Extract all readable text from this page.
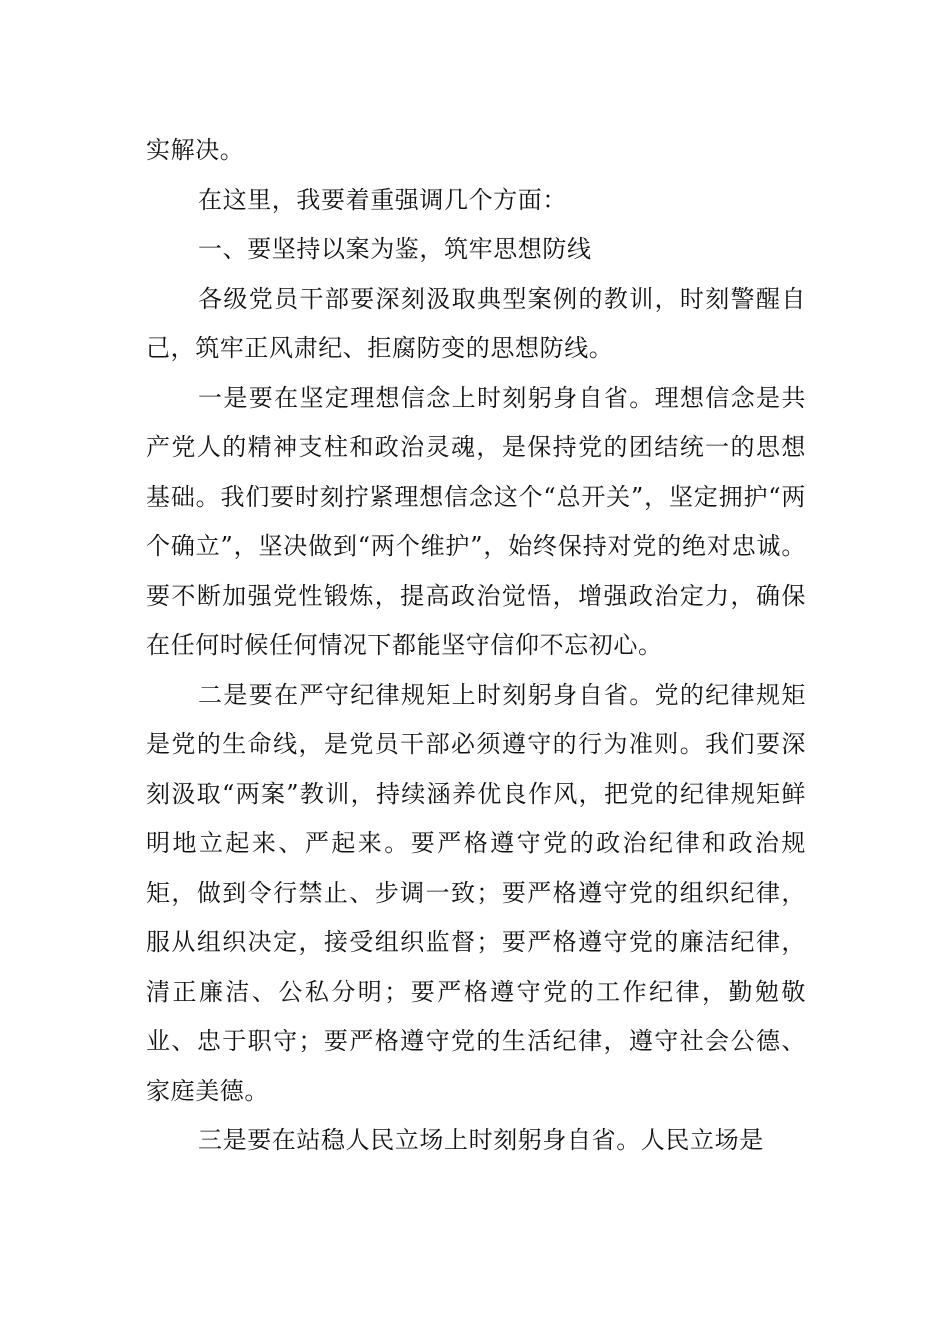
实解决。

在这里，我要着重强调几个方面：

一、要坚持以案为鉴，筑牢思想防线

各级党员干部要深刻汲取典型案例的教训，时刻警醒自己，筑牢正风肃纪、拒腐防变的思想防线。

一是要在坚定理想信念上时刻躬身自省。理想信念是共产党人的精神支柱和政治灵魂，是保持党的团结统一的思想基础。我们要时刻拧紧理想信念这个“总开关”，坚定拥护“两个确立”，坚决做到“两个维护”，始终保持对党的绝对忠诚。要不断加强党性锻炼，提高政治觉悟，增强政治定力，确保在任何时候任何情况下都能坚守信仰不忘初心。

二是要在严守纪律规矩上时刻躬身自省。党的纪律规矩是党的生命线，是党员干部必须遵守的行为准则。我们要深刻汲取“两案”教训，持续涵养优良作风，把党的纪律规矩鲜明地立起来、严起来。要严格遵守党的政治纪律和政治规矩，做到令行禁止、步调一致；要严格遵守党的组织纪律，服从组织决定，接受组织监督；要严格遵守党的廉洁纪律，清正廉洁、公私分明；要严格遵守党的工作纪律，勤勉敬业、忠于职守；要严格遵守党的生活纪律，遵守社会公德、家庭美德。

三是要在站稳人民立场上时刻躬身自省。人民立场是
